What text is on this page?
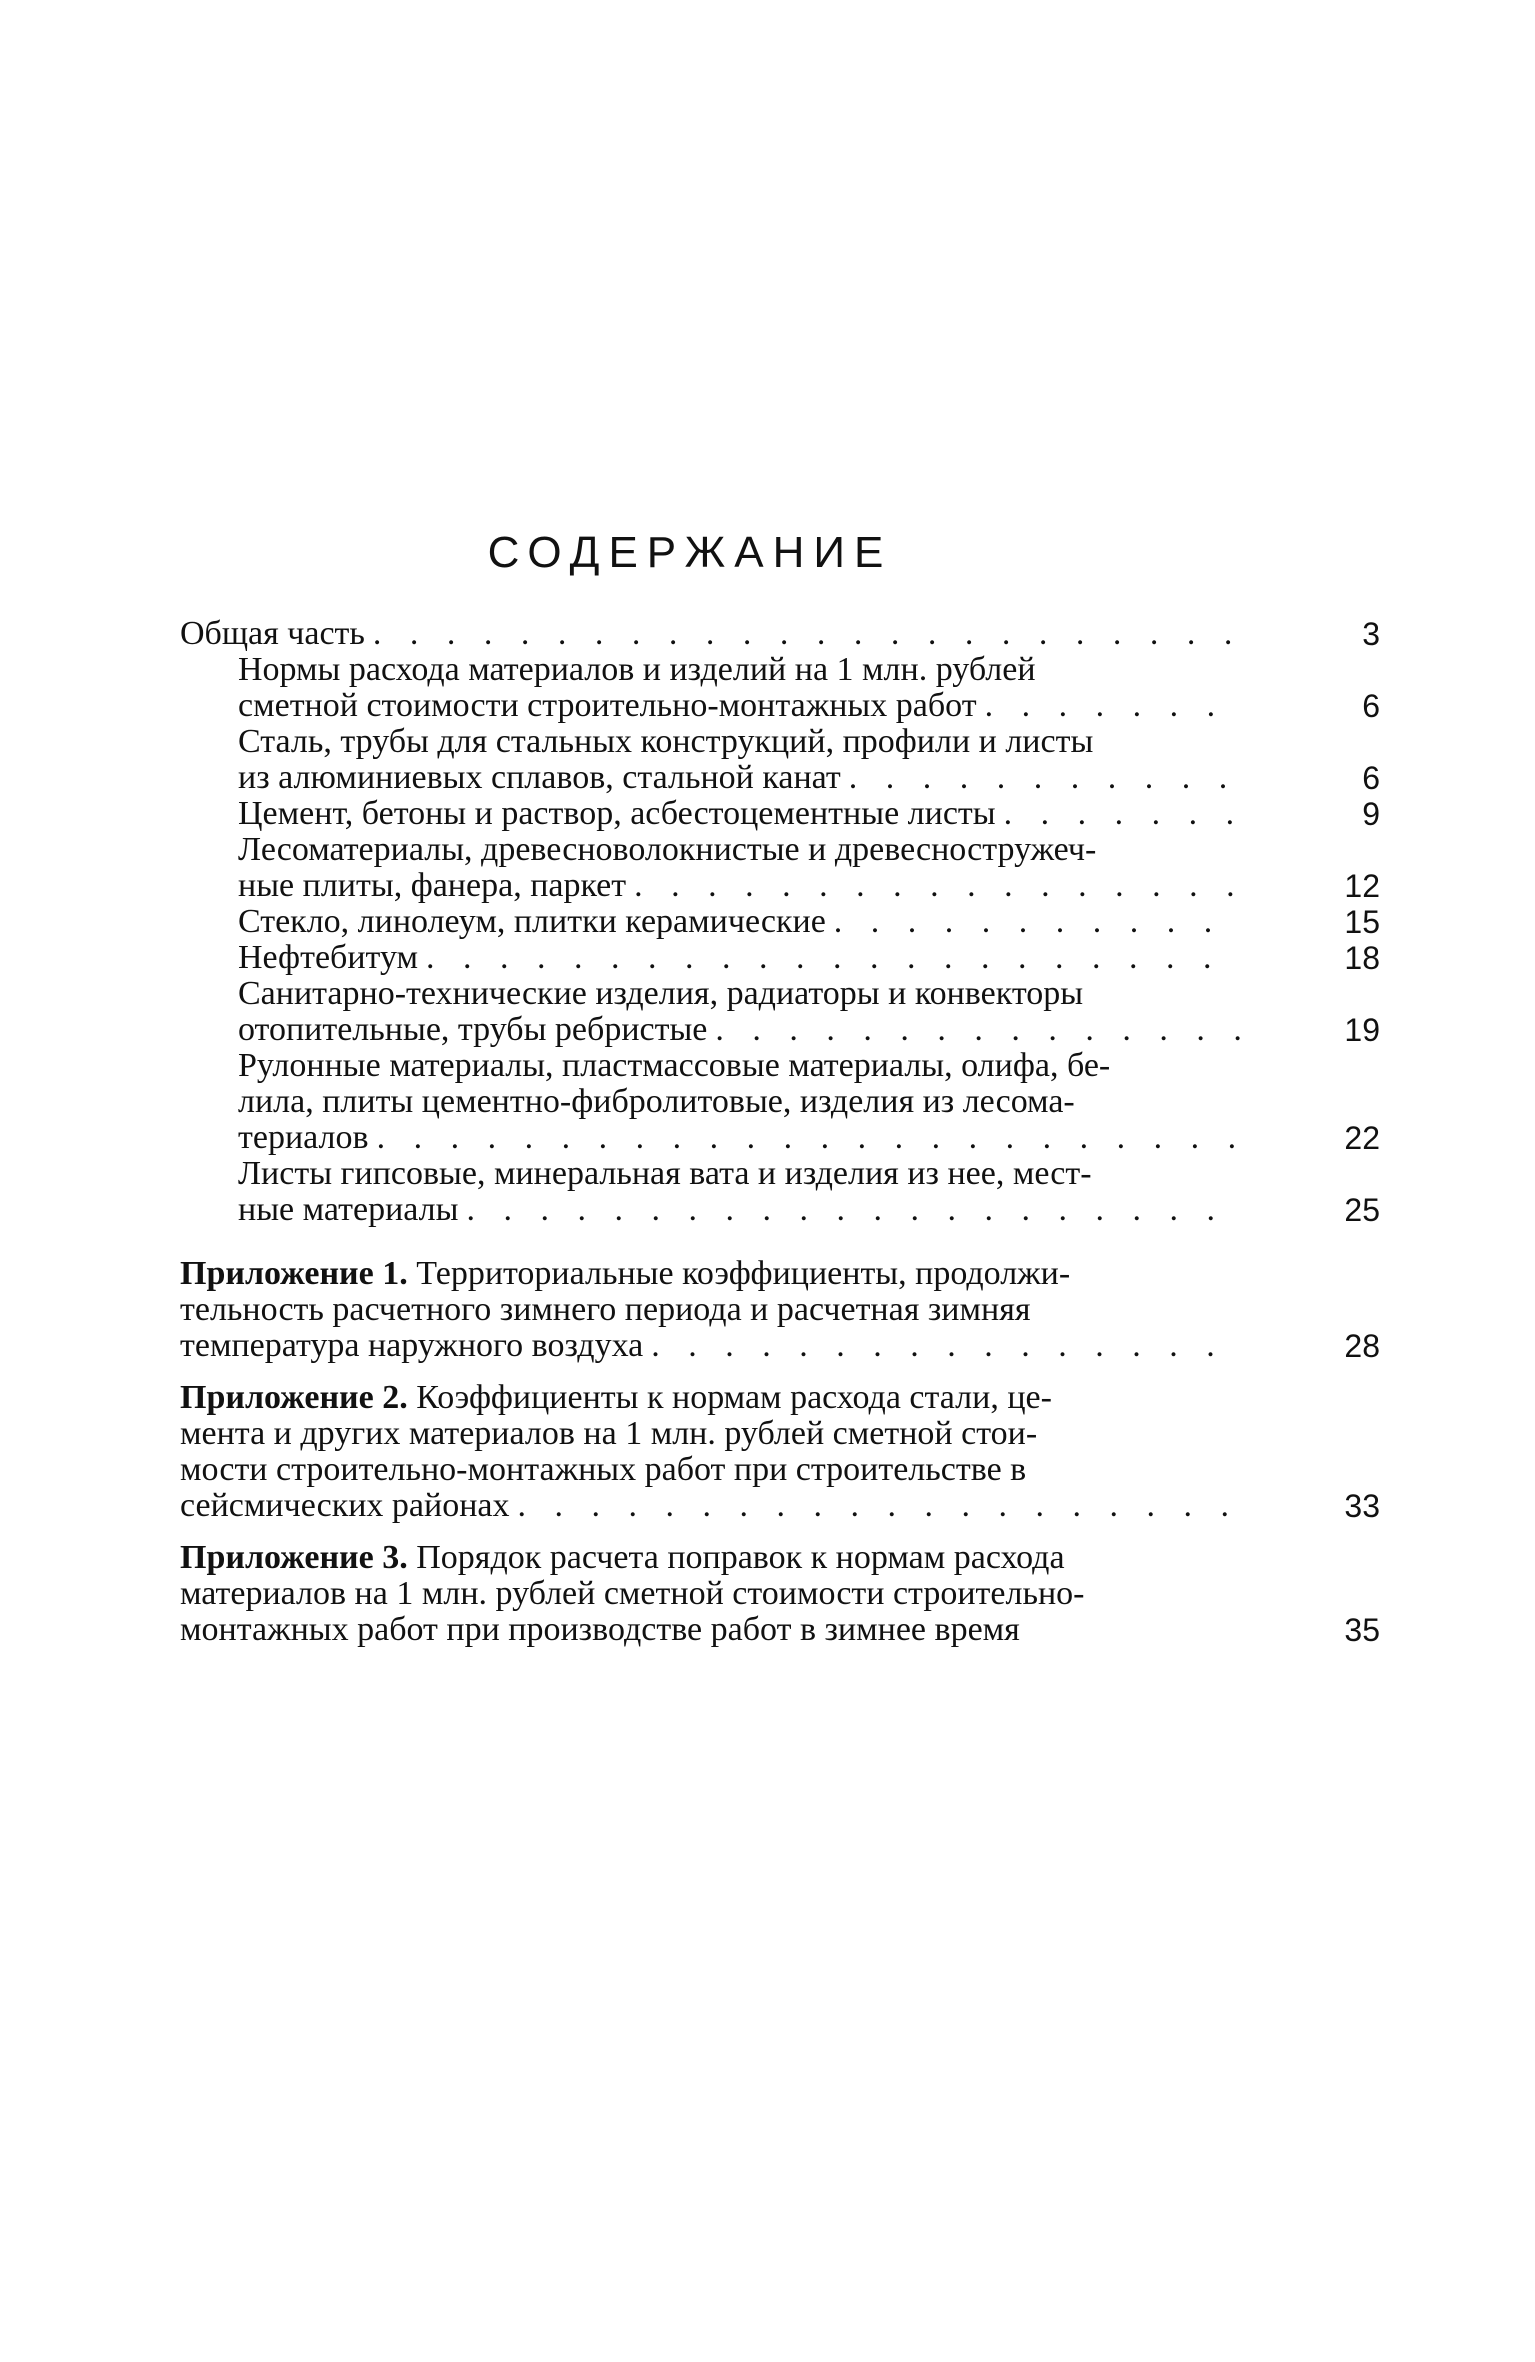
СОДЕРЖАНИЕ
Общая часть . . .	3
Нормы расхода материалов и изделий на 1 млн. рублей
сметной стоимости строительно-монтажных работ . . .	6
Сталь, трубы для стальных конструкций, профили и листы
из алюминиевых сплавов, стальной канат . . .	6
Цемент, бетоны и раствор, асбестоцементные листы . . .	9
Лесоматериалы, древесноволокнистые и древесностружеч-
ные плиты, фанера, паркет . . .	12
Стекло, линолеум, плитки керамические . . .	15
Нефтебитум . . .	18
Санитарно-технические изделия, радиаторы и конвекторы
отопительные, трубы ребристые . . .	19
Рулонные материалы, пластмассовые материалы, олифа, бе-
лила, плиты цементно-фибролитовые, изделия из лесома-
териалов . . .	22
Листы гипсовые, минеральная вата и изделия из нее, мест-
ные материалы . . .	25
Приложение 1. Территориальные коэффициенты, продолжи-
тельность расчетного зимнего периода и расчетная зимняя
температура наружного воздуха . . .	28
Приложение 2. Коэффициенты к нормам расхода стали, це-
мента и других материалов на 1 млн. рублей сметной стои-
мости строительно-монтажных работ при строительстве в
сейсмических районах . . .	33
Приложение 3. Порядок расчета поправок к нормам расхода
материалов на 1 млн. рублей сметной стоимости строительно-
монтажных работ при производстве работ в зимнее время	35
